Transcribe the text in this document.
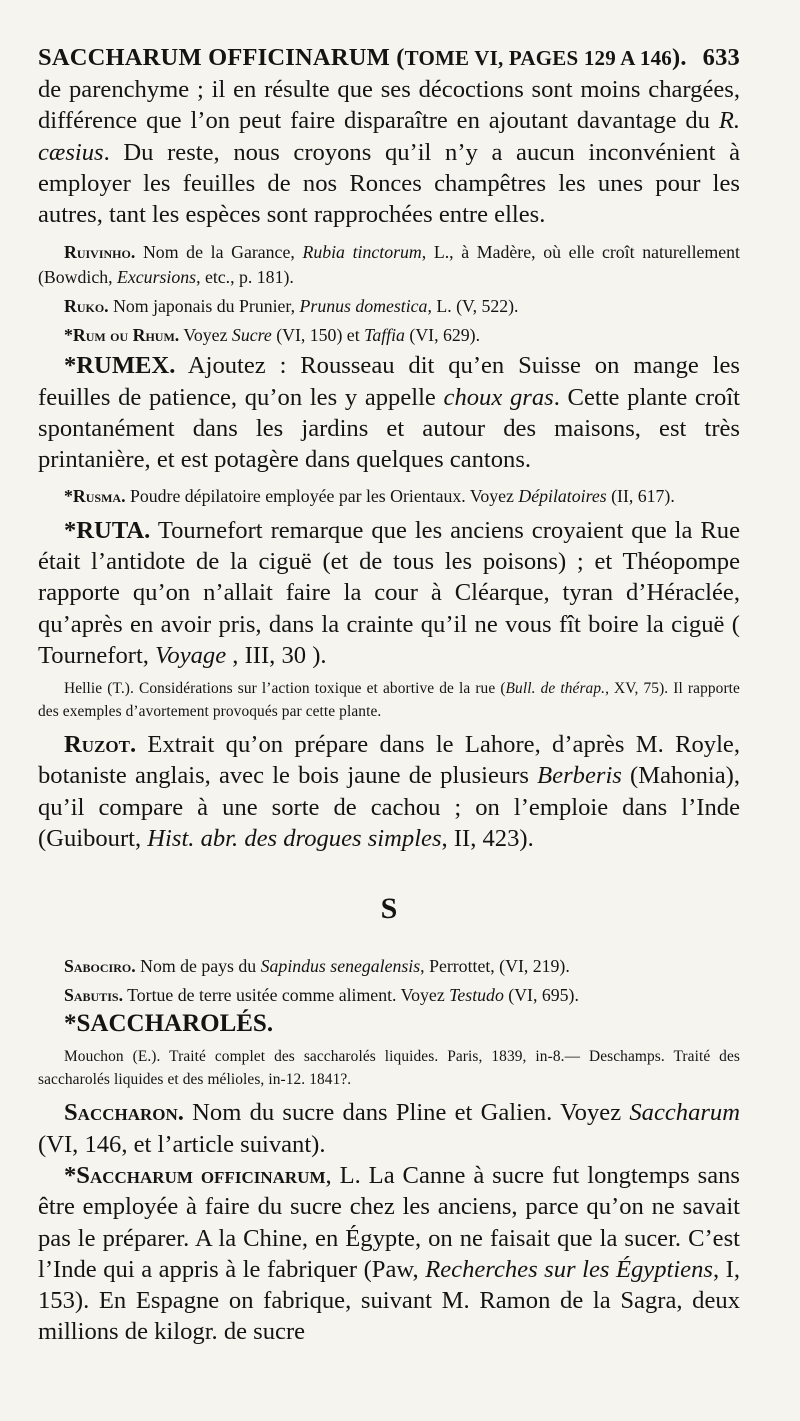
SACCHARUM OFFICINARUM (TOME VI, PAGES 129 A 146). 633

de parenchyme ; il en résulte que ses décoctions sont moins chargées, différence que l’on peut faire disparaître en ajoutant davantage du R. cæsius. Du reste, nous croyons qu’il n’y a aucun inconvénient à employer les feuilles de nos Ronces champêtres les unes pour les autres, tant les espèces sont rapprochées entre elles.

Ruivinho. Nom de la Garance, Rubia tinctorum, L., à Madère, où elle croît naturellement (Bowdich, Excursions, etc., p. 181).

Ruko. Nom japonais du Prunier, Prunus domestica, L. (V, 522).

*Rum ou Rhum. Voyez Sucre (VI, 150) et Taffia (VI, 629).

*RUMEX. Ajoutez : Rousseau dit qu’en Suisse on mange les feuilles de patience, qu’on les y appelle choux gras. Cette plante croît spontanément dans les jardins et autour des maisons, est très printanière, et est potagère dans quelques cantons.

*Rusma. Poudre dépilatoire employée par les Orientaux. Voyez Dépilatoires (II, 617).

*RUTA. Tournefort remarque que les anciens croyaient que la Rue était l’antidote de la ciguë (et de tous les poisons) ; et Théopompe rapporte qu’on n’allait faire la cour à Cléarque, tyran d’Héraclée, qu’après en avoir pris, dans la crainte qu’il ne vous fît boire la ciguë ( Tournefort, Voyage , III, 30 ).

Hellie (T.). Considérations sur l’action toxique et abortive de la rue (Bull. de thérap., XV, 75). Il rapporte des exemples d’avortement provoqués par cette plante.

Ruzot. Extrait qu’on prépare dans le Lahore, d’après M. Royle, botaniste anglais, avec le bois jaune de plusieurs Berberis (Mahonia), qu’il compare à une sorte de cachou ; on l’emploie dans l’Inde (Guibourt, Hist. abr. des drogues simples, II, 423).

S

Sabociro. Nom de pays du Sapindus senegalensis, Perrottet, (VI, 219).

Sabutis. Tortue de terre usitée comme aliment. Voyez Testudo (VI, 695).

*SACCHAROLÉS.

Mouchon (E.). Traité complet des saccharolés liquides. Paris, 1839, in-8.— Deschamps. Traité des saccharolés liquides et des mélioles, in-12. 1841?.

Saccharon. Nom du sucre dans Pline et Galien. Voyez Saccharum (VI, 146, et l’article suivant).

*Saccharum officinarum, L. La Canne à sucre fut longtemps sans être employée à faire du sucre chez les anciens, parce qu’on ne savait pas le préparer. A la Chine, en Égypte, on ne faisait que la sucer. C’est l’Inde qui a appris à le fabriquer (Paw, Recherches sur les Égyptiens, I, 153). En Espagne on fabrique, suivant M. Ramon de la Sagra, deux millions de kilogr. de sucre
